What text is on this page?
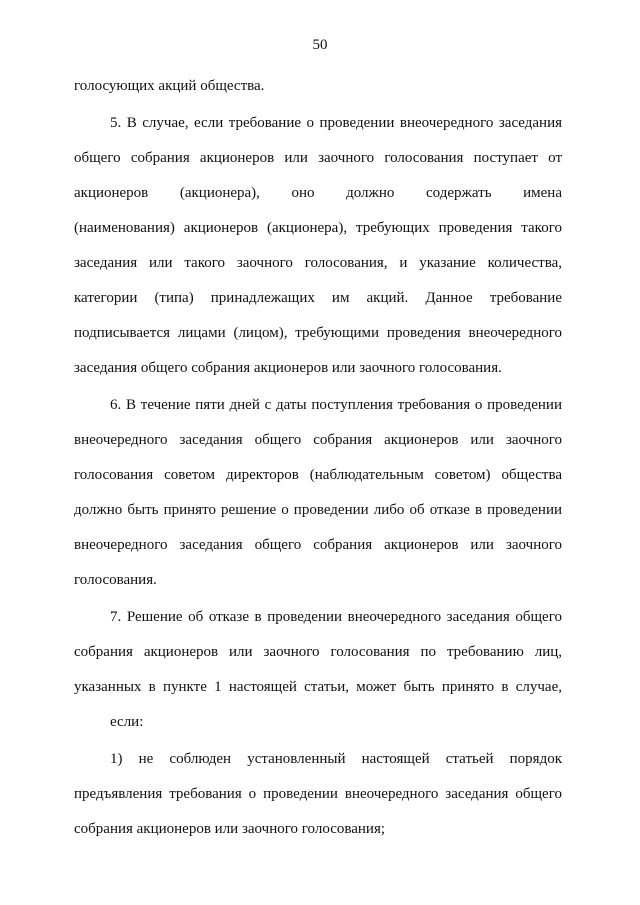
50
голосующих акций общества.
5. В случае, если требование о проведении внеочередного заседания
общего собрания акционеров или заочного голосования поступает от
акционеров (акционера), оно должно содержать имена
(наименования) акционеров (акционера), требующих проведения такого
заседания или такого заочного голосования, и указание количества,
категории (типа) принадлежащих им акций. Данное требование
подписывается лицами (лицом), требующими проведения внеочередного
заседания общего собрания акционеров или заочного голосования.
6. В течение пяти дней с даты поступления требования о проведении
внеочередного заседания общего собрания акционеров или заочного
голосования советом директоров (наблюдательным советом) общества
должно быть принято решение о проведении либо об отказе в проведении
внеочередного заседания общего собрания акционеров или заочного
голосования.
7. Решение об отказе в проведении внеочередного заседания общего
собрания акционеров или заочного голосования по требованию лиц,
указанных в пункте 1 настоящей статьи, может быть принято в случае,
если:
1) не соблюден установленный настоящей статьей порядок
предъявления требования о проведении внеочередного заседания общего
собрания акционеров или заочного голосования;
